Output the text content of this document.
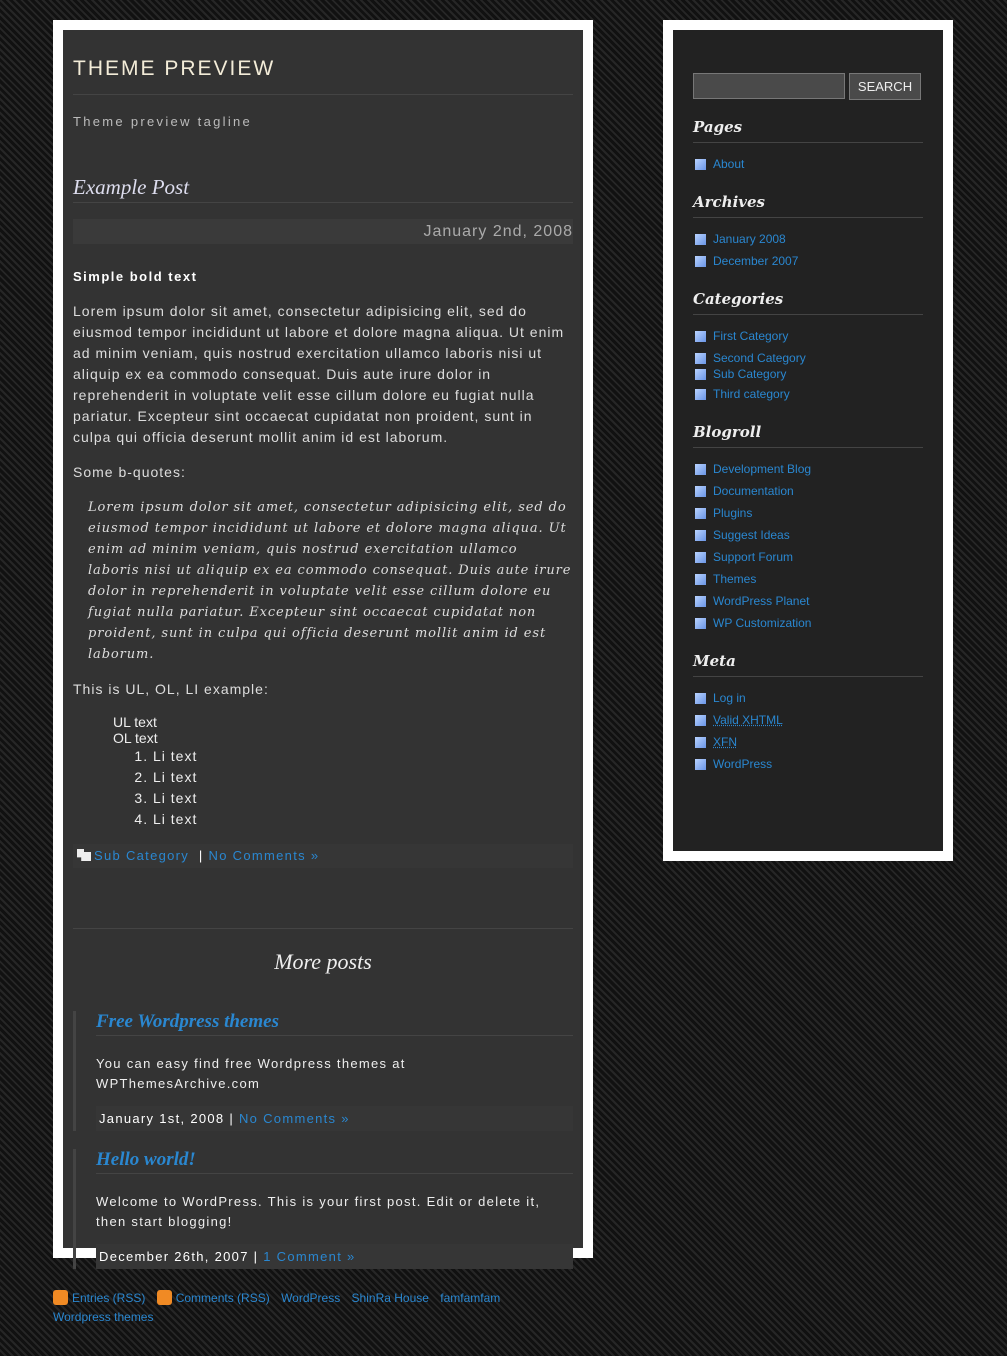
THEME PREVIEW
Theme preview tagline
Example Post
January 2nd, 2008
Simple bold text
Lorem ipsum dolor sit amet, consectetur adipisicing elit, sed do eiusmod tempor incididunt ut labore et dolore magna aliqua. Ut enim ad minim veniam, quis nostrud exercitation ullamco laboris nisi ut aliquip ex ea commodo consequat. Duis aute irure dolor in reprehenderit in voluptate velit esse cillum dolore eu fugiat nulla pariatur. Excepteur sint occaecat cupidatat non proident, sunt in culpa qui officia deserunt mollit anim id est laborum.
Some b-quotes:
Lorem ipsum dolor sit amet, consectetur adipisicing elit, sed do eiusmod tempor incididunt ut labore et dolore magna aliqua. Ut enim ad minim veniam, quis nostrud exercitation ullamco laboris nisi ut aliquip ex ea commodo consequat. Duis aute irure dolor in reprehenderit in voluptate velit esse cillum dolore eu fugiat nulla pariatur. Excepteur sint occaecat cupidatat non proident, sunt in culpa qui officia deserunt mollit anim id est laborum.
This is UL, OL, LI example:
UL text
OL text
1. Li text
2. Li text
3. Li text
4. Li text
Sub Category | No Comments »
More posts
Free Wordpress themes
You can easy find free Wordpress themes at WPThemesArchive.com
January 1st, 2008 | No Comments »
Hello world!
Welcome to WordPress. This is your first post. Edit or delete it, then start blogging!
December 26th, 2007 | 1 Comment »
SEARCH
Pages
About
Archives
January 2008
December 2007
Categories
First Category
Second Category
Sub Category
Third category
Blogroll
Development Blog
Documentation
Plugins
Suggest Ideas
Support Forum
Themes
WordPress Planet
WP Customization
Meta
Log in
Valid XHTML
XFN
WordPress
Entries (RSS)	Comments (RSS) WordPress ShinRa House famfamfam
Wordpress themes
